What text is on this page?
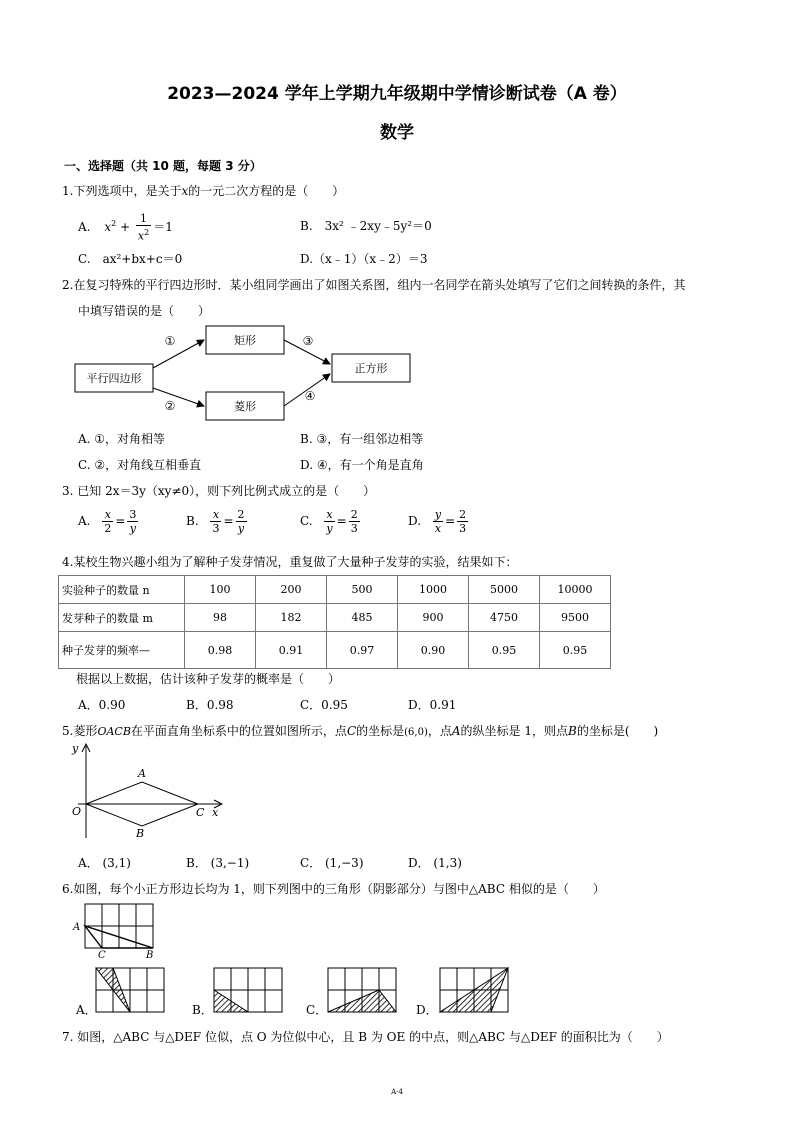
2023—2024 学年上学期九年级期中学情诊断试卷（A 卷）
数学
一、选择题（共 10 题，每题 3 分）
1.下列选项中，是关于x的一元二次方程的是（　　）
A. $x^2 + \frac{1}{x^2} =1$	B.　3x² ﹣2xy﹣5y²＝0
C.　ax²+bx+c＝0	D.（x﹣1）（x﹣2）＝3
2.在复习特殊的平行四边形时．某小组同学画出了如图关系图，组内一名同学在箭头处填写了它们之间转换的条件，其
中填写错误的是（　　）
平行四边形
矩形
菱形
正方形
①
②
③
④
A. ①，对角相等	B. ③，有一组邻边相等
C. ②，对角线互相垂直	D. ④，有一个角是直角
3. 已知 2x＝3y（xy≠0），则下列比例式成立的是（　　）
A. $\frac{x}{2} = \frac{3}{y}$	B. $\frac{x}{3} = \frac{2}{y}$	C. $\frac{x}{y} = \frac{2}{3}$	D. $\frac{y}{x} = \frac{2}{3}$
4.某校生物兴趣小组为了解种子发芽情况，重复做了大量种子发芽的实验，结果如下：
实验种子的数量 n	100	200	500	1000	5000	10000
发芽种子的数量 m	98	182	485	900	4750	9500
种子发芽的频率—	0.98	0.91	0.97	0.90	0.95	0.95
根据以上数据，估计该种子发芽的概率是（　　）
A．0.90	B．0.98	C．0.95	D．0.91
5.菱形OACB在平面直角坐标系中的位置如图所示，点C的坐标是(6,0)，点A的纵坐标是 1，则点B的坐标是(　　)
y
x
O
A
B
C
A． (3,1)	B． (3,−1)	C． (1,−3)	D． (1,3)
6.如图，每个小正方形边长均为 1，则下列图中的三角形（阴影部分）与图中△ABC 相似的是（　　）
A
C	B
A．	B．	C．	D．
7. 如图，△ABC 与△DEF 位似，点 O 为位似中心，且 B 为 OE 的中点，则△ABC 与△DEF 的面积比为（　　）
A-4
